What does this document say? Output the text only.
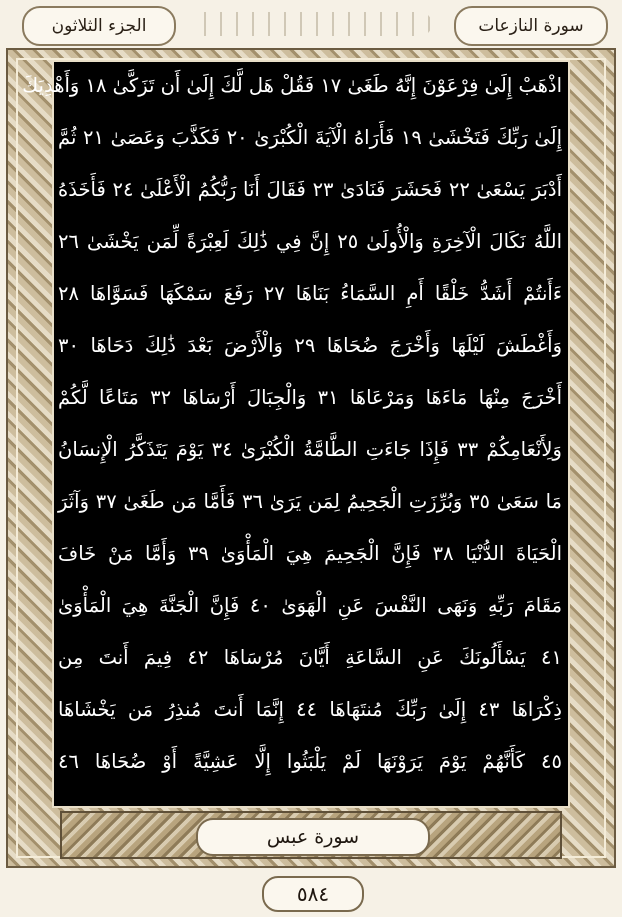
سورة النازعات
الجزء الثلاثون
اذْهَبْ إِلَىٰ فِرْعَوْنَ إِنَّهُ طَغَىٰ ١٧ فَقُلْ هَل لَّكَ إِلَىٰ أَن تَزَكَّىٰ ١٨ وَأَهْدِيَكَ
إِلَىٰ رَبِّكَ فَتَخْشَىٰ ١٩ فَأَرَاهُ الْآيَةَ الْكُبْرَىٰ ٢٠ فَكَذَّبَ وَعَصَىٰ ٢١ ثُمَّ
أَدْبَرَ يَسْعَىٰ ٢٢ فَحَشَرَ فَنَادَىٰ ٢٣ فَقَالَ أَنَا رَبُّكُمُ الْأَعْلَىٰ ٢٤ فَأَخَذَهُ
اللَّهُ نَكَالَ الْآخِرَةِ وَالْأُولَىٰ ٢٥ إِنَّ فِي ذَٰلِكَ لَعِبْرَةً لِّمَن يَخْشَىٰ ٢٦
ءَأَنتُمْ أَشَدُّ خَلْقًا أَمِ السَّمَاءُ بَنَاهَا ٢٧ رَفَعَ سَمْكَهَا فَسَوَّاهَا ٢٨
وَأَغْطَشَ لَيْلَهَا وَأَخْرَجَ ضُحَاهَا ٢٩ وَالْأَرْضَ بَعْدَ ذَٰلِكَ دَحَاهَا ٣٠
أَخْرَجَ مِنْهَا مَاءَهَا وَمَرْعَاهَا ٣١ وَالْجِبَالَ أَرْسَاهَا ٣٢ مَتَاعًا لَّكُمْ
وَلِأَنْعَامِكُمْ ٣٣ فَإِذَا جَاءَتِ الطَّامَّةُ الْكُبْرَىٰ ٣٤ يَوْمَ يَتَذَكَّرُ الْإِنسَانُ
مَا سَعَىٰ ٣٥ وَبُرِّزَتِ الْجَحِيمُ لِمَن يَرَىٰ ٣٦ فَأَمَّا مَن طَغَىٰ ٣٧ وَآثَرَ
الْحَيَاةَ الدُّنْيَا ٣٨ فَإِنَّ الْجَحِيمَ هِيَ الْمَأْوَىٰ ٣٩ وَأَمَّا مَنْ خَافَ
مَقَامَ رَبِّهِ وَنَهَى النَّفْسَ عَنِ الْهَوَىٰ ٤٠ فَإِنَّ الْجَنَّةَ هِيَ الْمَأْوَىٰ
٤١ يَسْأَلُونَكَ عَنِ السَّاعَةِ أَيَّانَ مُرْسَاهَا ٤٢ فِيمَ أَنتَ مِن
ذِكْرَاهَا ٤٣ إِلَىٰ رَبِّكَ مُنتَهَاهَا ٤٤ إِنَّمَا أَنتَ مُنذِرُ مَن يَخْشَاهَا
٤٥ كَأَنَّهُمْ يَوْمَ يَرَوْنَهَا لَمْ يَلْبَثُوا إِلَّا عَشِيَّةً أَوْ ضُحَاهَا ٤٦
سورة عبس
٥٨٤
